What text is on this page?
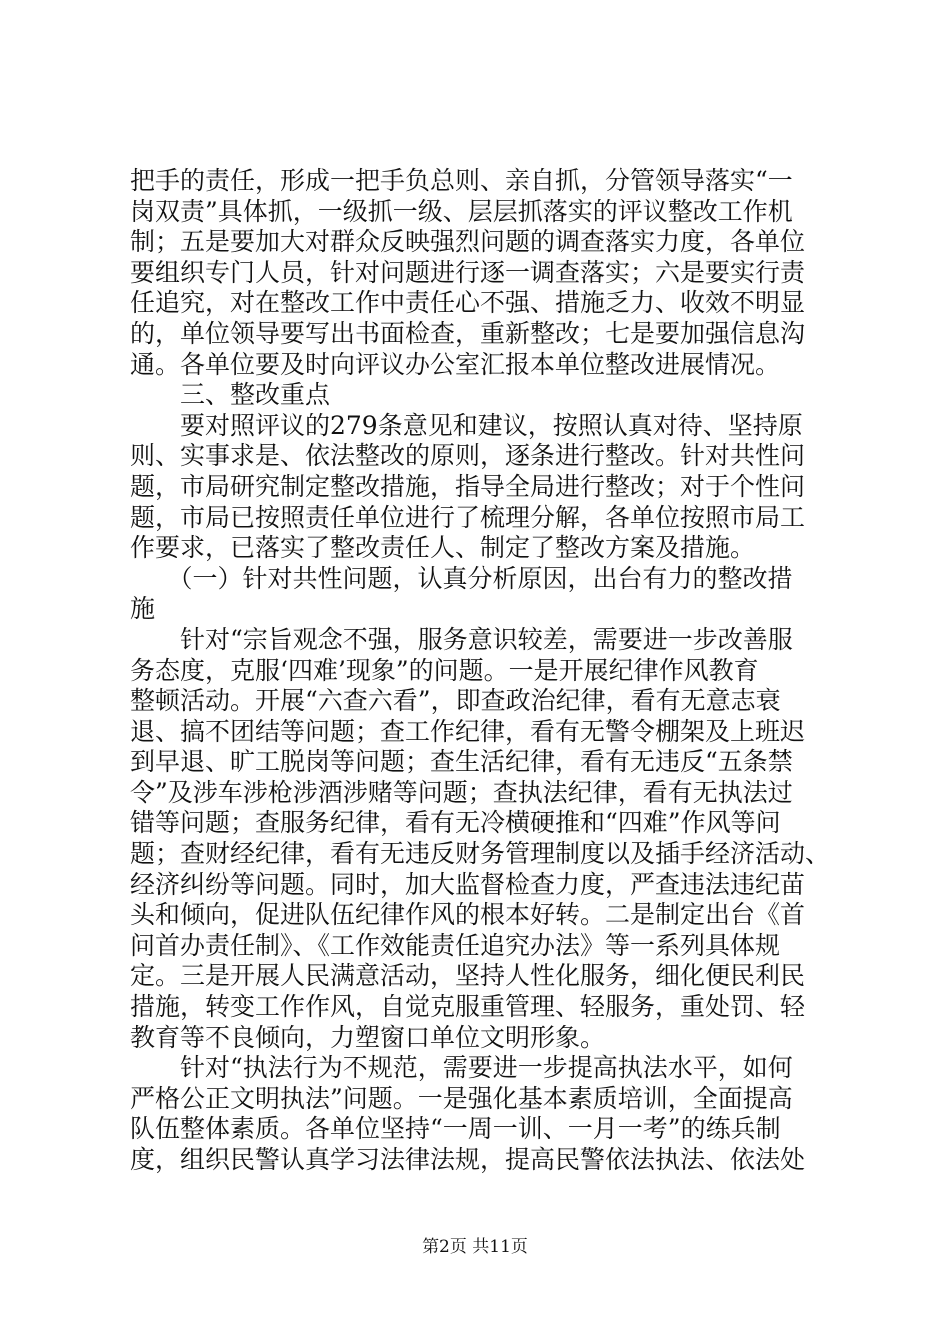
把手的责任，形成一把手负总则、亲自抓，分管领导落实“一
岗双责”具体抓，一级抓一级、层层抓落实的评议整改工作机
制；五是要加大对群众反映强烈问题的调查落实力度，各单位
要组织专门人员，针对问题进行逐一调查落实；六是要实行责
任追究，对在整改工作中责任心不强、措施乏力、收效不明显
的，单位领导要写出书面检查，重新整改；七是要加强信息沟
通。各单位要及时向评议办公室汇报本单位整改进展情况。
　　三、整改重点
　　要对照评议的279条意见和建议，按照认真对待、坚持原
则、实事求是、依法整改的原则，逐条进行整改。针对共性问
题，市局研究制定整改措施，指导全局进行整改；对于个性问
题，市局已按照责任单位进行了梳理分解，各单位按照市局工
作要求，已落实了整改责任人、制定了整改方案及措施。
　　（一）针对共性问题，认真分析原因，出台有力的整改措
施
　　针对“宗旨观念不强，服务意识较差，需要进一步改善服
务态度，克服‘四难’现象”的问题。一是开展纪律作风教育
整顿活动。开展“六查六看”，即查政治纪律，看有无意志衰
退、搞不团结等问题；查工作纪律，看有无警令棚架及上班迟
到早退、旷工脱岗等问题；查生活纪律，看有无违反“五条禁
令”及涉车涉枪涉酒涉赌等问题；查执法纪律，看有无执法过
错等问题；查服务纪律，看有无冷横硬推和“四难”作风等问
题；查财经纪律，看有无违反财务管理制度以及插手经济活动、
经济纠纷等问题。同时，加大监督检查力度，严查违法违纪苗
头和倾向，促进队伍纪律作风的根本好转。二是制定出台《首
问首办责任制》、《工作效能责任追究办法》等一系列具体规
定。三是开展人民满意活动，坚持人性化服务，细化便民利民
措施，转变工作作风，自觉克服重管理、轻服务，重处罚、轻
教育等不良倾向，力塑窗口单位文明形象。
　　针对“执法行为不规范，需要进一步提高执法水平，如何
严格公正文明执法”问题。一是强化基本素质培训，全面提高
队伍整体素质。各单位坚持“一周一训、一月一考”的练兵制
度，组织民警认真学习法律法规，提高民警依法执法、依法处
第2页 共11页
